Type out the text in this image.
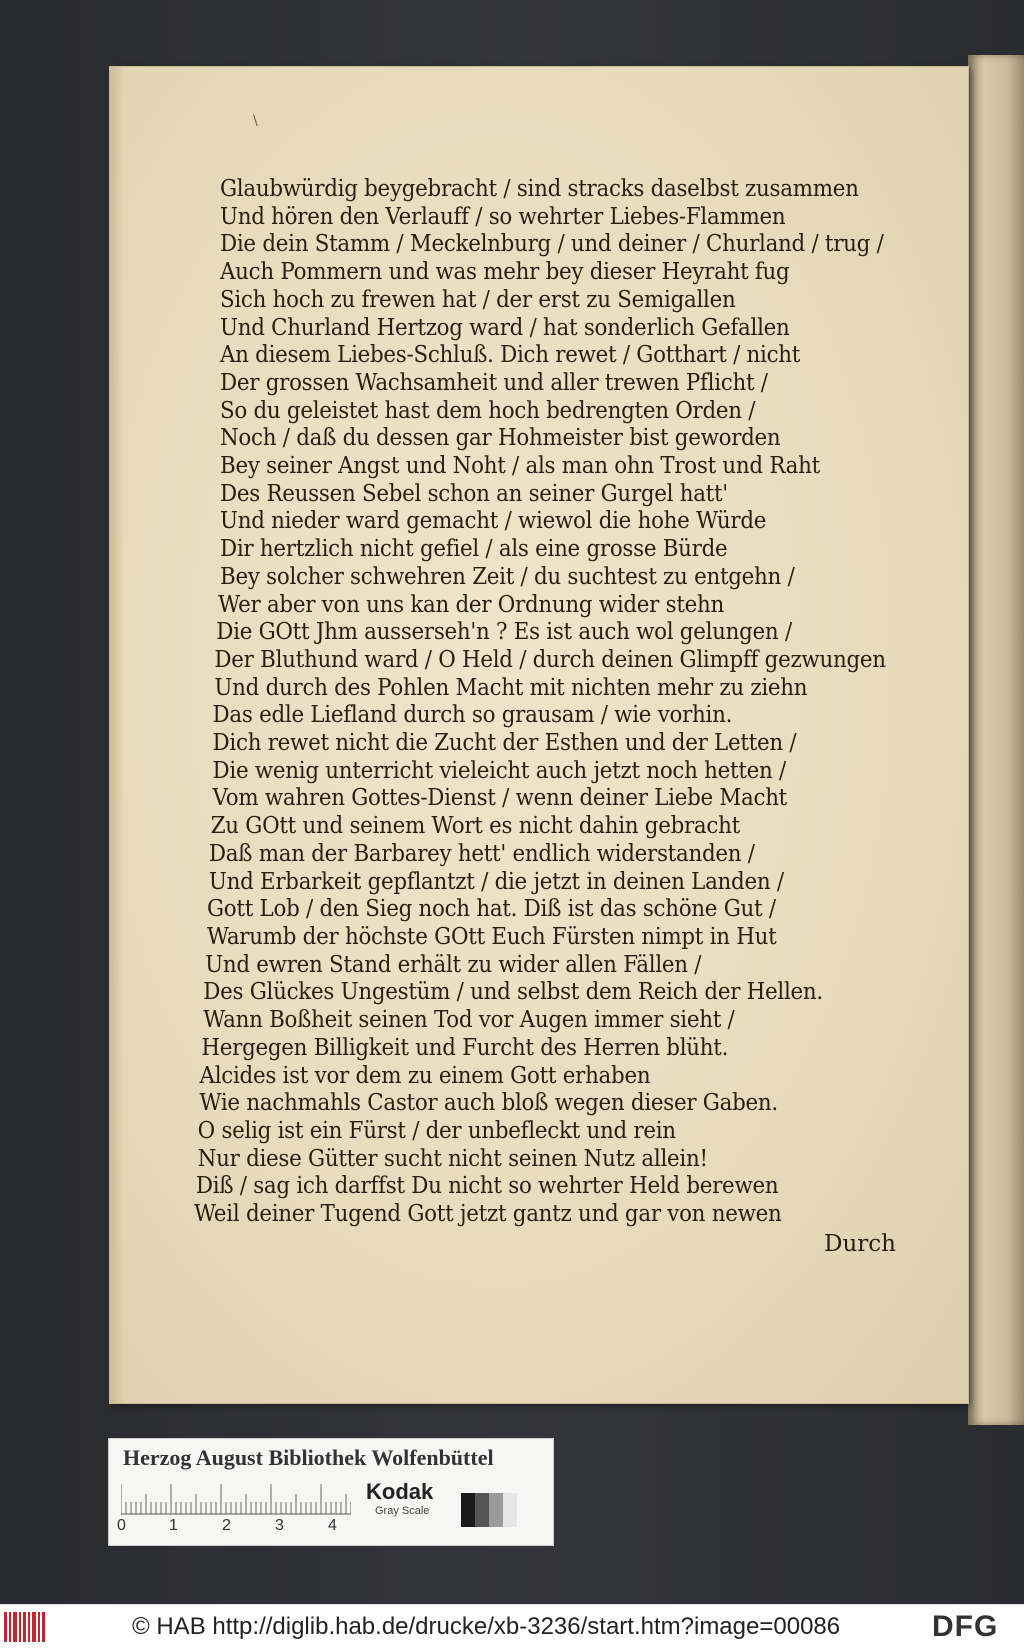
\
Glaubwürdig beygebracht / sind stracks daselbst zusammen
Und hören den Verlauff / so wehrter Liebes-Flammen
Die dein Stamm / Meckelnburg / und deiner / Churland / trug /
Auch Pommern und was mehr bey dieser Heyraht fug
Sich hoch zu frewen hat / der erst zu Semigallen
Und Churland Hertzog ward / hat sonderlich Gefallen
An diesem Liebes-Schluß. Dich rewet / Gotthart / nicht
Der grossen Wachsamheit und aller trewen Pflicht /
So du geleistet hast dem hoch bedrengten Orden /
Noch / daß du dessen gar Hohmeister bist geworden
Bey seiner Angst und Noht / als man ohn Trost und Raht
Des Reussen Sebel schon an seiner Gurgel hatt'
Und nieder ward gemacht / wiewol die hohe Würde
Dir hertzlich nicht gefiel / als eine grosse Bürde
Bey solcher schwehren Zeit / du suchtest zu entgehn /
Wer aber von uns kan der Ordnung wider stehn
Die GOtt Jhm ausserseh'n ? Es ist auch wol gelungen /
Der Bluthund ward / O Held / durch deinen Glimpff gezwungen
Und durch des Pohlen Macht mit nichten mehr zu ziehn
Das edle Liefland durch so grausam / wie vorhin.
Dich rewet nicht die Zucht der Esthen und der Letten /
Die wenig unterricht vieleicht auch jetzt noch hetten /
Vom wahren Gottes-Dienst / wenn deiner Liebe Macht
Zu GOtt und seinem Wort es nicht dahin gebracht
Daß man der Barbarey hett' endlich widerstanden /
Und Erbarkeit gepflantzt / die jetzt in deinen Landen /
Gott Lob / den Sieg noch hat. Diß ist das schöne Gut /
Warumb der höchste GOtt Euch Fürsten nimpt in Hut
Und ewren Stand erhält zu wider allen Fällen /
Des Glückes Ungestüm / und selbst dem Reich der Hellen.
Wann Boßheit seinen Tod vor Augen immer sieht /
Hergegen Billigkeit und Furcht des Herren blüht.
Alcides ist vor dem zu einem Gott erhaben
Wie nachmahls Castor auch bloß wegen dieser Gaben.
O selig ist ein Fürst / der unbefleckt und rein
Nur diese Gütter sucht nicht seinen Nutz allein!
Diß / sag ich darffst Du nicht so wehrter Held berewen
Weil deiner Tugend Gott jetzt gantz und gar von newen
Durch
Herzog August Bibliothek Wolfenbüttel
0	1	2	3	4
Kodak
Gray Scale
© HAB http://diglib.hab.de/drucke/xb-3236/start.htm?image=00086	DFG
